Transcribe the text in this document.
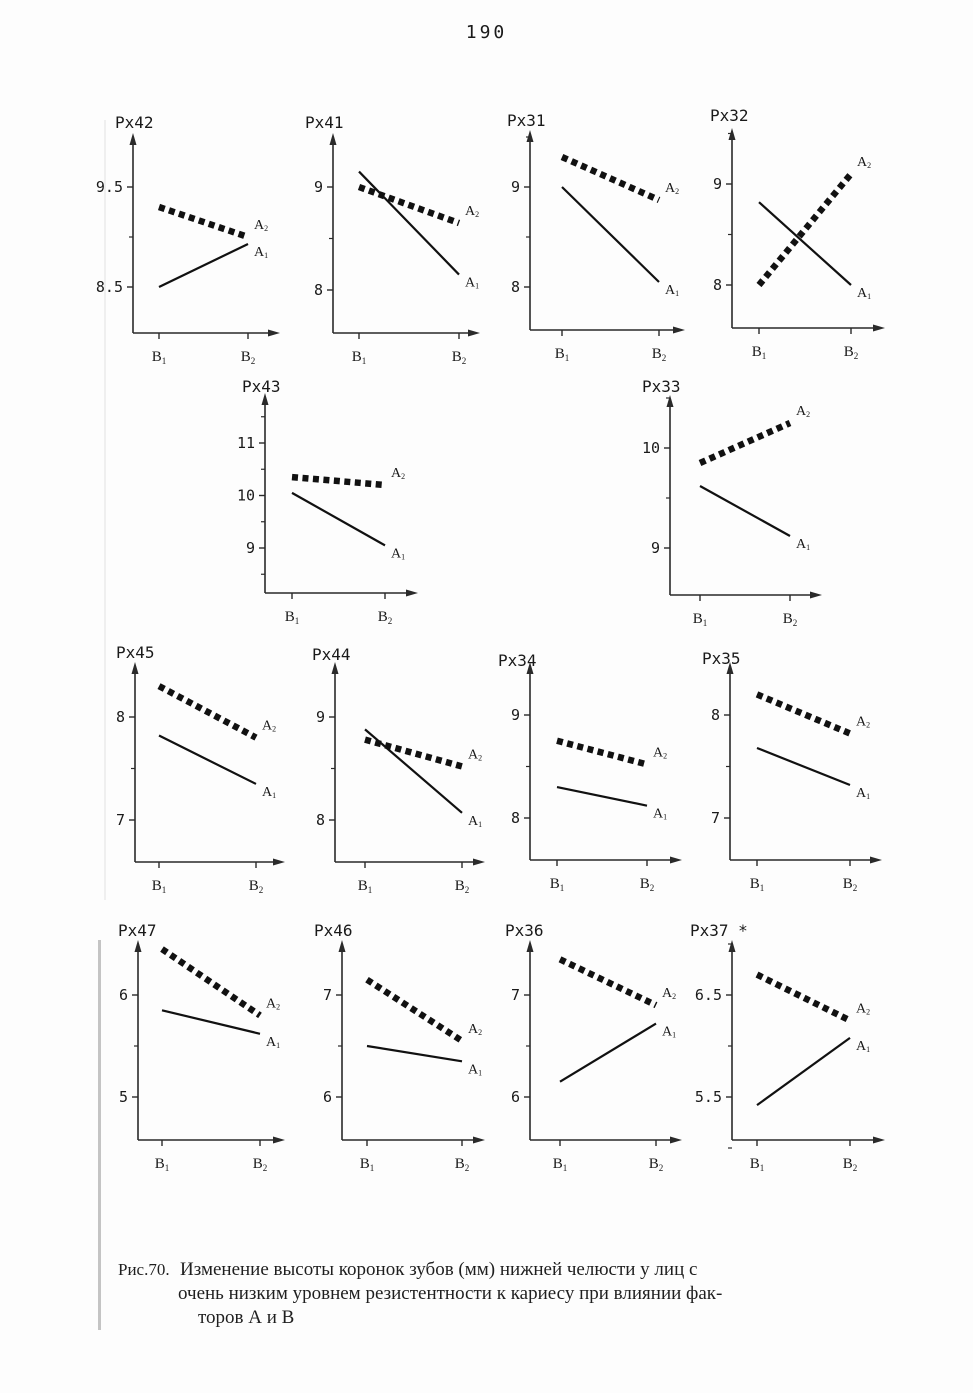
190
Px42
8.5
9.5
$B_1$	$B_2$
A2
A1
Px41
8
9
$B_1$	$B_2$
A2
A1
Px31
8
9
$B_1$	$B_2$
A2
A1
Px32
8
9
$B_1$	$B_2$
A2
A1
Px43
9
10
11
$B_1$	$B_2$
A2
A1
Px33
9
10
$B_1$	$B_2$
A2
A1
Px45
7
8
$B_1$	$B_2$
A2
A1
Px44
8
9
$B_1$	$B_2$
A2
A1
Px34
8
9
$B_1$	$B_2$
A2
A1
Px35
7
8
$B_1$	$B_2$
A2
A1
Px47
5
6
$B_1$	$B_2$
A2
A1
Px46
6
7
$B_1$	$B_2$
A2
A1
Px36
6
7
$B_1$	$B_2$
A2
A1
Px37 *
5.5
6.5
$B_1$	$B_2$
A2
A1
Рис.70. Изменение высоты коронок зубов (мм) нижней челюсти у лиц с
очень низким уровнем резистентности к кариесу при влиянии фак-
торов А и В
